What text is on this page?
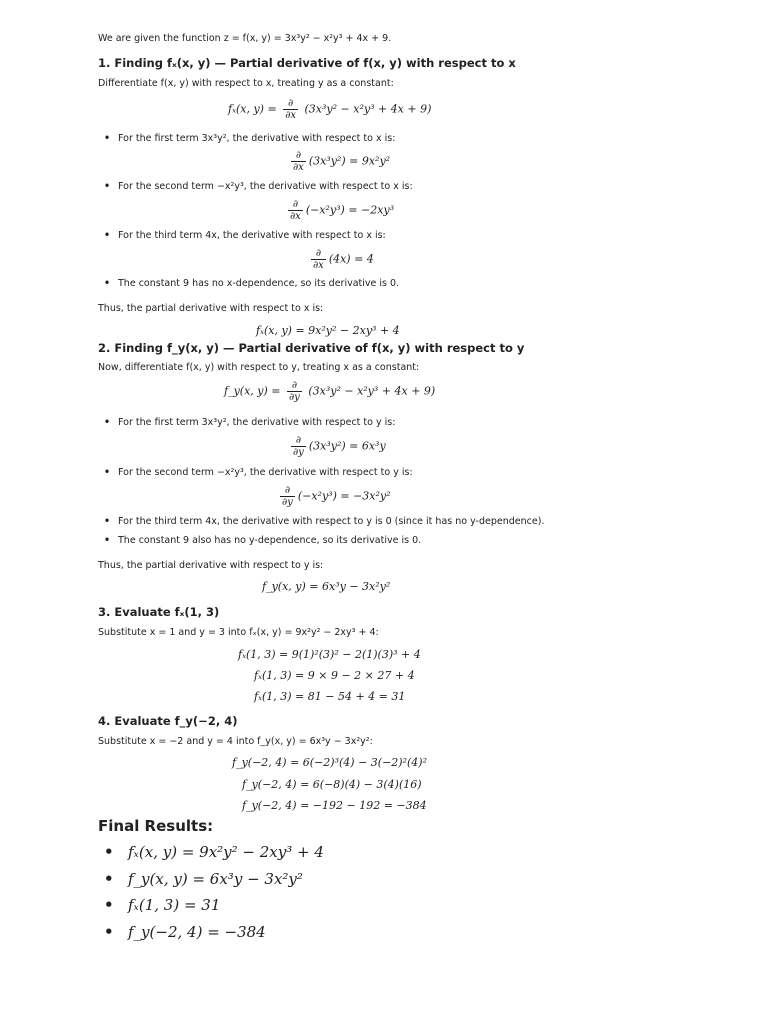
We are given the function z = f(x, y) = 3x³y² − x²y³ + 4x + 9.
1. Finding fₓ(x, y) — Partial derivative of f(x, y) with respect to x
Differentiate f(x, y) with respect to x, treating y as a constant:
fₓ(x, $y) = \frac{\partial}{\partial x} (3x^3y^2 - x^2y^3 + 4x + 9)$
• For the first term 3x³y², the derivative with respect to x is:
$\frac{\partial}{\partial x} (3x^3y^2) = 9x^2y^2$
• For the second term −x²y³, the derivative with respect to x is:
$\frac{\partial}{\partial x} (-x^2y^3) = -2xy^3$
• For the third term 4x, the derivative with respect to x is:
$\frac{\partial}{\partial x} (4x) = 4$
• The constant 9 has no x-dependence, so its derivative is 0.
Thus, the partial derivative with respect to x is:
fₓ(x, y) = 9x²y² − 2xy³ + 4
2. Finding f_y(x, y) — Partial derivative of f(x, y) with respect to y
Now, differentiate f(x, y) with respect to y, treating x as a constant:
f_y(x, $y) = \frac{\partial}{\partial y} (3x^3y^2 - x^2y^3 + 4x + 9)$
• For the first term 3x³y², the derivative with respect to y is:
$\frac{\partial}{\partial y} (3x^3y^2) = 6x^3y$
• For the second term −x²y³, the derivative with respect to y is:
$\frac{\partial}{\partial y} (-x^2y^3) = -3x^2y^2$
• For the third term 4x, the derivative with respect to y is 0 (since it has no y-dependence).
• The constant 9 also has no y-dependence, so its derivative is 0.
Thus, the partial derivative with respect to y is:
f_y(x, y) = 6x³y − 3x²y²
3. Evaluate fₓ(1, 3)
Substitute x = 1 and y = 3 into fₓ(x, y) = 9x²y² − 2xy³ + 4:
fₓ(1, 3) = 9(1)²(3)² − 2(1)(3)³ + 4
fₓ(1, 3) = 9 × 9 − 2 × 27 + 4
fₓ(1, 3) = 81 − 54 + 4 = 31
4. Evaluate f_y(−2, 4)
Substitute x = −2 and y = 4 into f_y(x, y) = 6x³y − 3x²y²:
f_y(−2, 4) = 6(−2)³(4) − 3(−2)²(4)²
f_y(−2, 4) = 6(−8)(4) − 3(4)(16)
f_y(−2, 4) = −192 − 192 = −384
Final Results:
• fₓ(x, y) = 9x²y² − 2xy³ + 4
• f_y(x, y) = 6x³y − 3x²y²
• fₓ(1, 3) = 31
• f_y(−2, 4) = −384
